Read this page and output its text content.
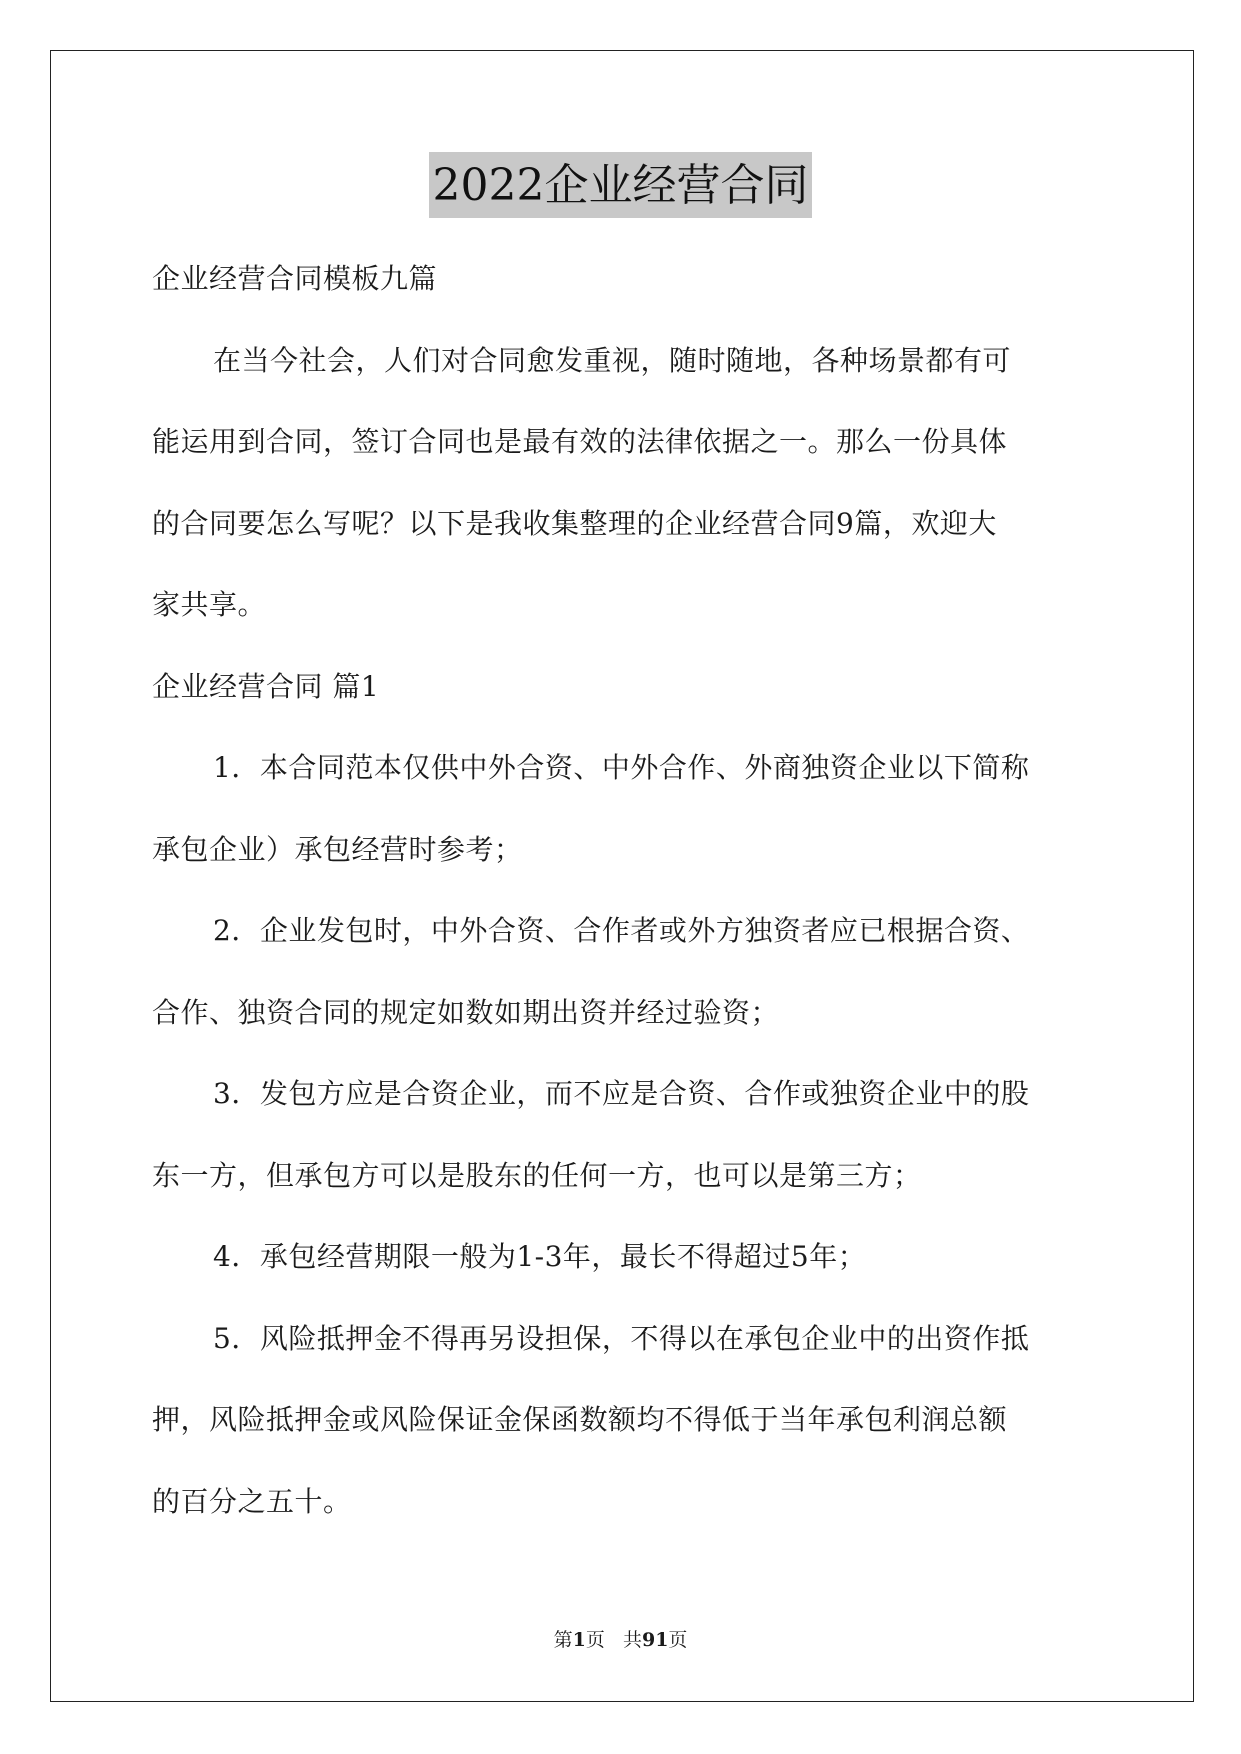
2022企业经营合同
企业经营合同模板九篇
在当今社会，人们对合同愈发重视，随时随地，各种场景都有可
能运用到合同，签订合同也是最有效的法律依据之一。那么一份具体
的合同要怎么写呢？以下是我收集整理的企业经营合同9篇，欢迎大
家共享。
企业经营合同 篇1
1．本合同范本仅供中外合资、中外合作、外商独资企业以下简称
承包企业）承包经营时参考；
2．企业发包时，中外合资、合作者或外方独资者应已根据合资、
合作、独资合同的规定如数如期出资并经过验资；
3．发包方应是合资企业，而不应是合资、合作或独资企业中的股
东一方，但承包方可以是股东的任何一方，也可以是第三方；
4．承包经营期限一般为1-3年，最长不得超过5年；
5．风险抵押金不得再另设担保，不得以在承包企业中的出资作抵
押，风险抵押金或风险保证金保函数额均不得低于当年承包利润总额
的百分之五十。
第1页 共91页
